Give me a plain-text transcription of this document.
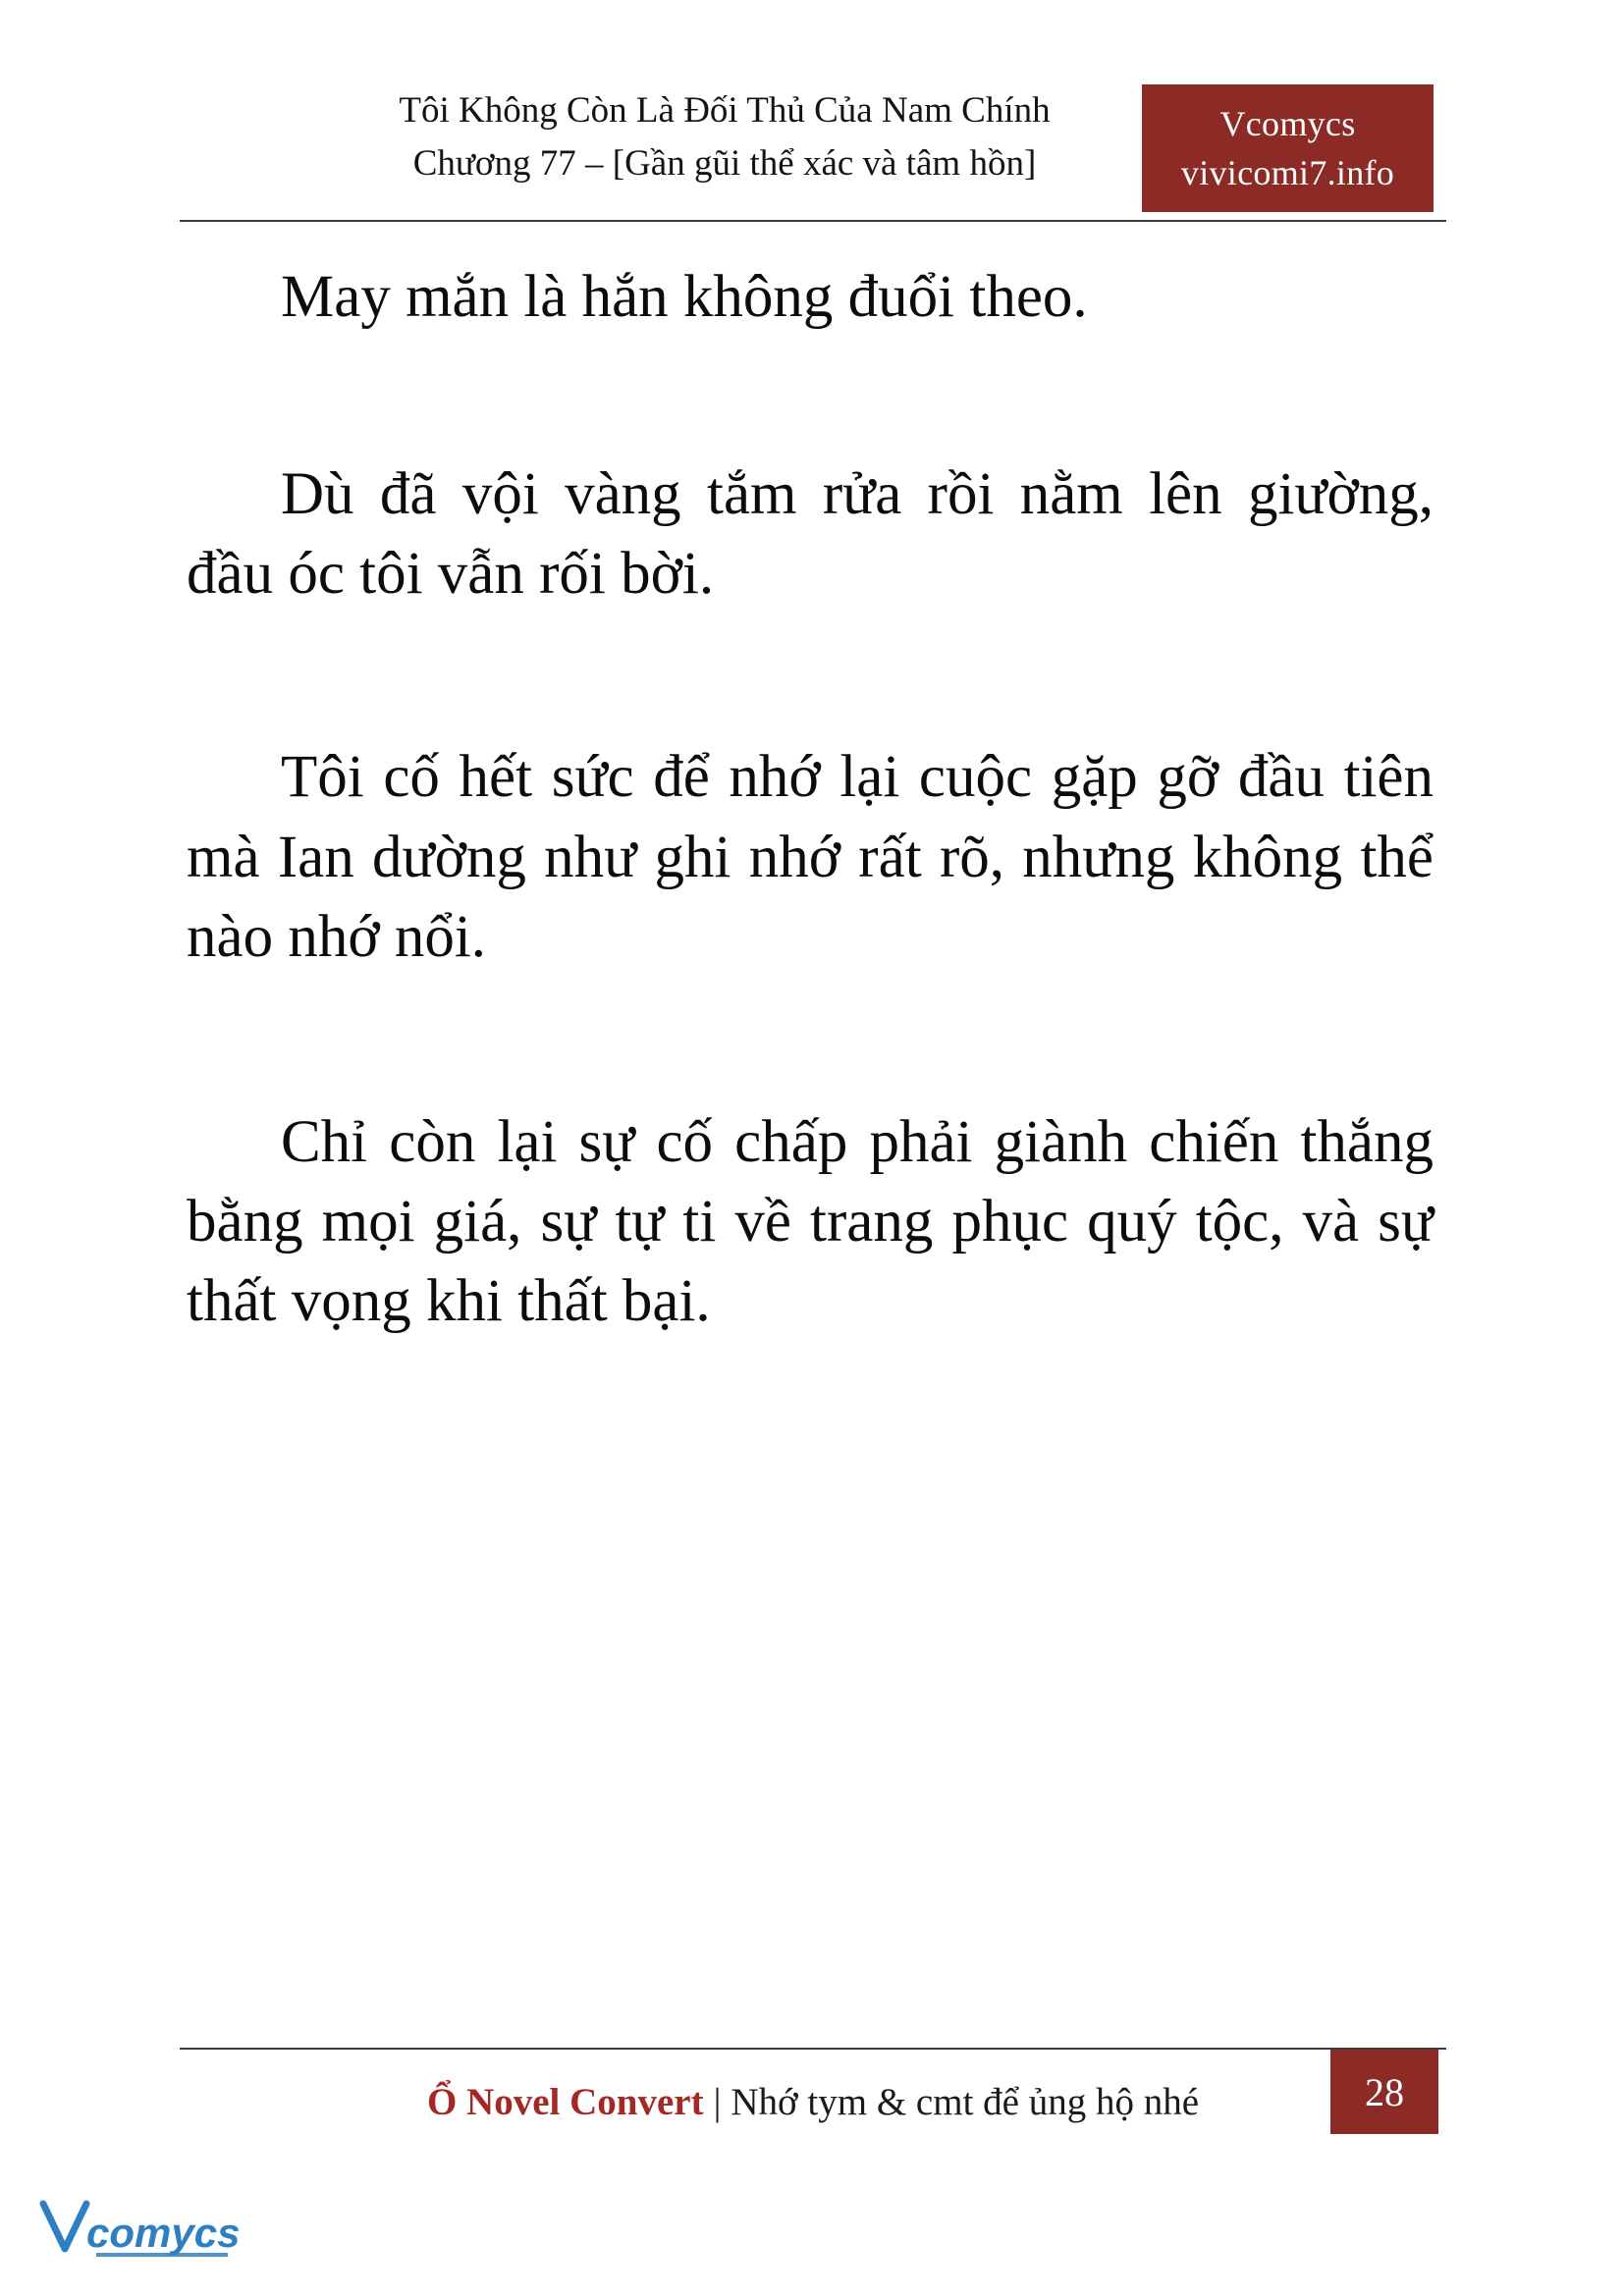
Tôi Không Còn Là Đối Thủ Của Nam Chính
Chương 77 – [Gần gũi thể xác và tâm hồn]
Vcomycs
vivicomi7.info

May mắn là hắn không đuổi theo.

Dù đã vội vàng tắm rửa rồi nằm lên giường, đầu óc tôi vẫn rối bời.

Tôi cố hết sức để nhớ lại cuộc gặp gỡ đầu tiên mà Ian dường như ghi nhớ rất rõ, nhưng không thể nào nhớ nổi.

Chỉ còn lại sự cố chấp phải giành chiến thắng bằng mọi giá, sự tự ti về trang phục quý tộc, và sự thất vọng khi thất bại.

Ổ Novel Convert | Nhớ tym & cmt để ủng hộ nhé	28
comycs
